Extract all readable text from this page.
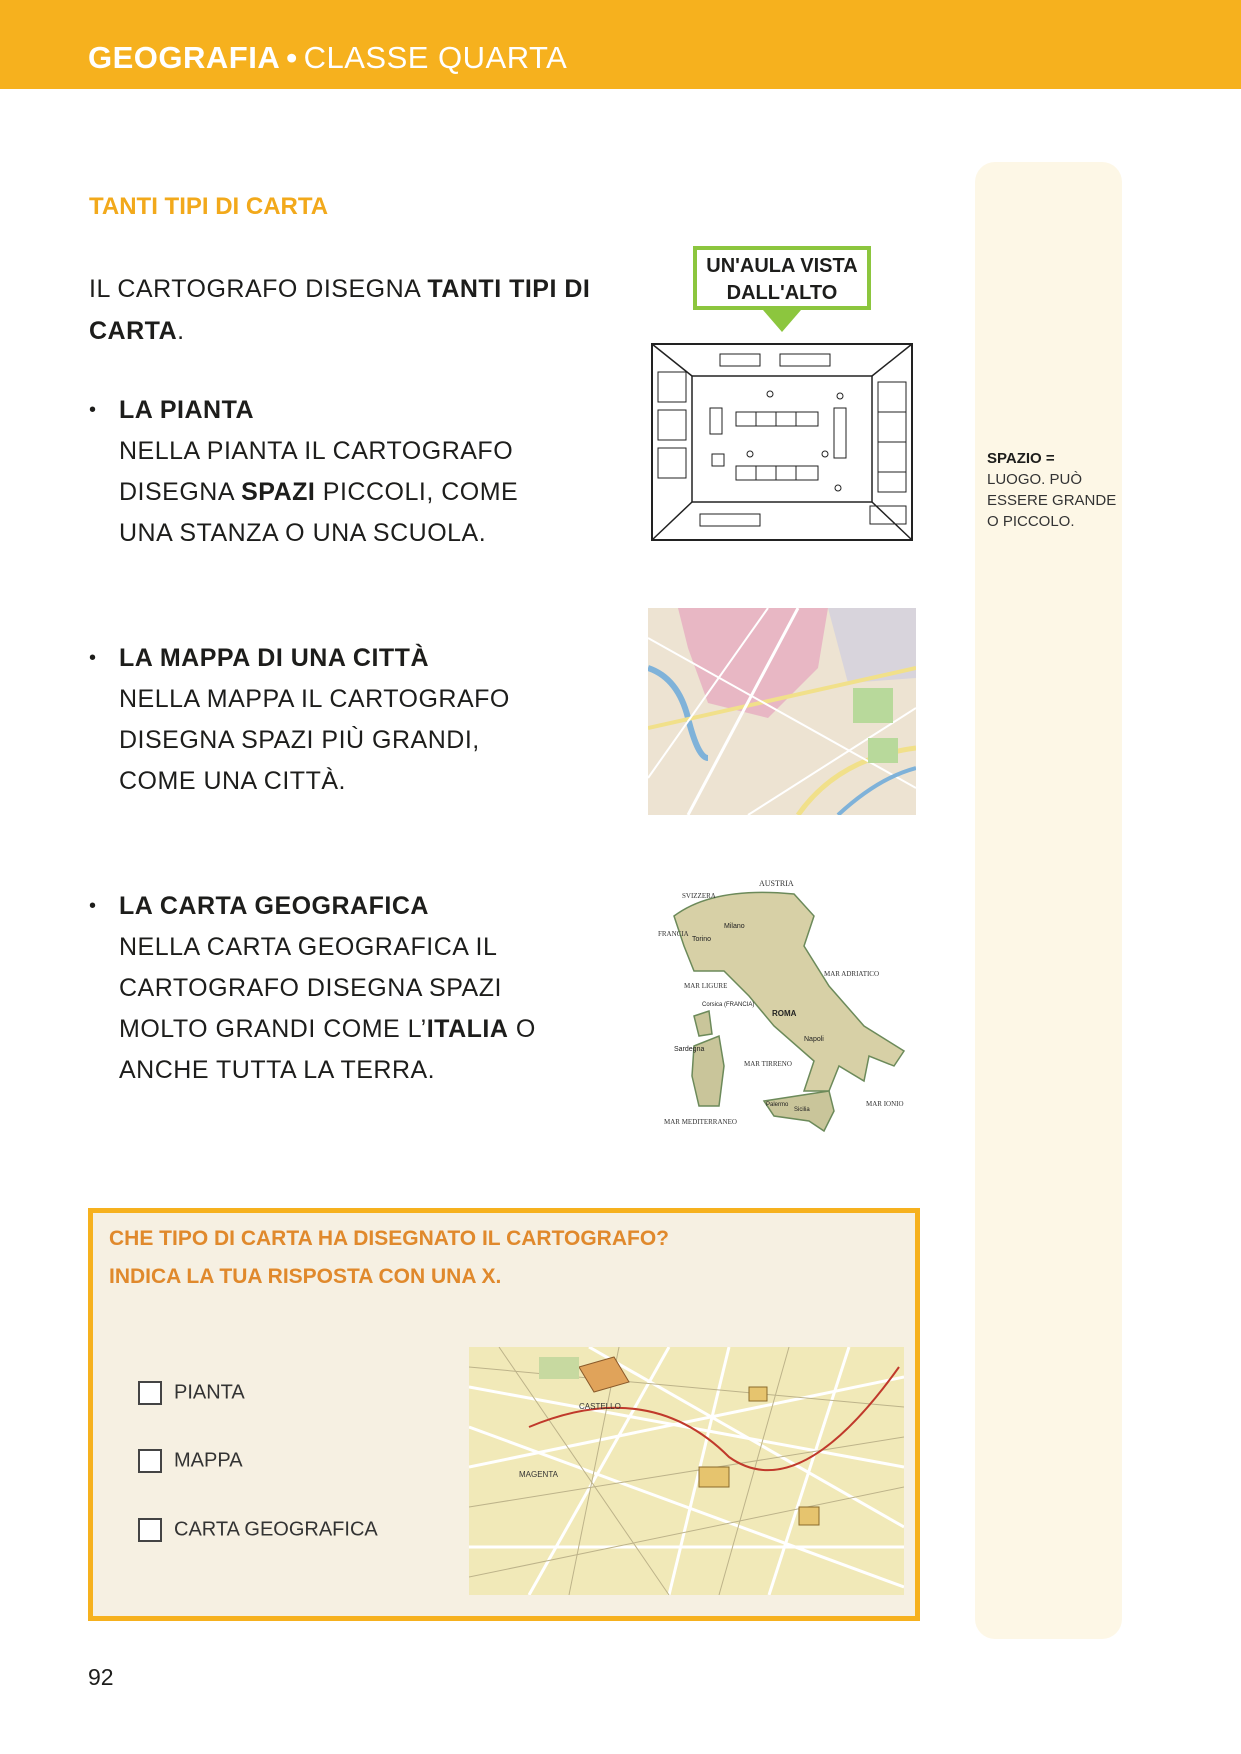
GEOGRAFIA • CLASSE QUARTA
SPAZIO =
LUOGO. PUÒ ESSERE GRANDE O PICCOLO.
TANTI TIPI DI CARTA
IL CARTOGRAFO DISEGNA TANTI TIPI DI CARTA.
• LA PIANTA
NELLA PIANTA IL CARTOGRAFO
DISEGNA SPAZI PICCOLI, COME
UNA STANZA O UNA SCUOLA.
• LA MAPPA DI UNA CITTÀ
NELLA MAPPA IL CARTOGRAFO
DISEGNA SPAZI PIÙ GRANDI,
COME UNA CITTÀ.
• LA CARTA GEOGRAFICA
NELLA CARTA GEOGRAFICA IL
CARTOGRAFO DISEGNA SPAZI
MOLTO GRANDI COME L’ITALIA O
ANCHE TUTTA LA TERRA.
UN'AULA VISTA
DALL'ALTO
AUSTRIA
SVIZZERA
FRANCIA
Milano
Torino
MAR LIGURE
MAR ADRIATICO
Corsica (FRANCIA)
ROMA
Napoli
Sardegna
MAR TIRRENO
MAR MEDITERRANEO
Palermo
Sicilia
MAR IONIO
CHE TIPO DI CARTA HA DISEGNATO IL CARTOGRAFO?
INDICA LA TUA RISPOSTA CON UNA X.
PIANTA
MAPPA
CARTA GEOGRAFICA
CASTELLO
MAGENTA
92
